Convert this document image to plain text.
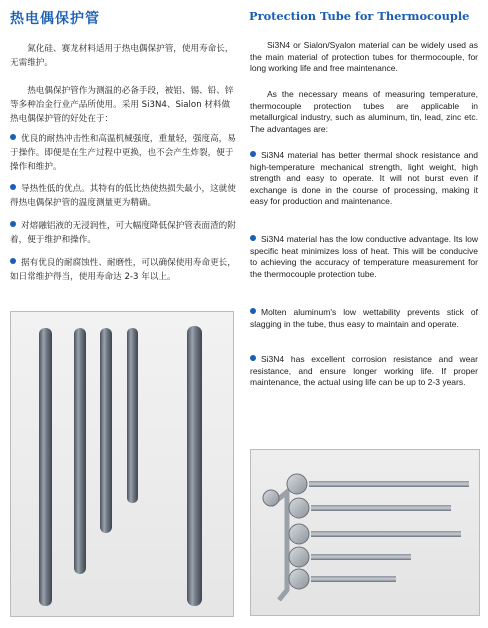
热电偶保护管	Protection Tube for Thermocouple

氮化硅、赛龙材料适用于热电偶保护管，使用寿命长，无需维护。

热电偶保护管作为测温的必备手段，被铝、锡、铅、锌等多种冶金行业产品所使用。采用 Si3N4、Sialon 材料做热电偶保护管的好处在于：

优良的耐热冲击性和高温机械强度，重量轻，强度高，易于操作。即便是在生产过程中更换，也不会产生炸裂，便于操作和维护。

导热性低的优点。其特有的低比热使热损失最小，这就使得热电偶保护管的温度测量更为精确。

对熔融铝液的无浸润性，可大幅度降低保护管表面渣的附着，便于维护和操作。

据有优良的耐腐蚀性、耐磨性，可以确保使用寿命更长，如日常维护得当，使用寿命达 2-3 年以上。

Si3N4 or Sialon/Syalon material can be widely used as the main material of protection tubes for thermocouple, for long working life and free maintenance.

As the necessary means of measuring temperature, thermocouple protection tubes are applicable in metallurgical industry, such as aluminum, tin, lead, zinc etc. The advantages are:

Si3N4 material has better thermal shock resistance and high-temperature mechanical strength, light weight, high strength and easy to operate. It will not burst even if exchange is done in the course of processing, making it easy for production and maintenance.

Si3N4 material has the low conductive advantage. Its low specific heat minimizes loss of heat. This will be conducive to achieving the accuracy of temperature measurement for the thermocouple protection tube.

Molten aluminum's low wettability prevents stick of slagging in the tube, thus easy to maintain and operate.

Si3N4 has excellent corrosion resistance and wear resistance, and ensure longer working life. If proper maintenance, the actual using life can be up to 2-3 years.
